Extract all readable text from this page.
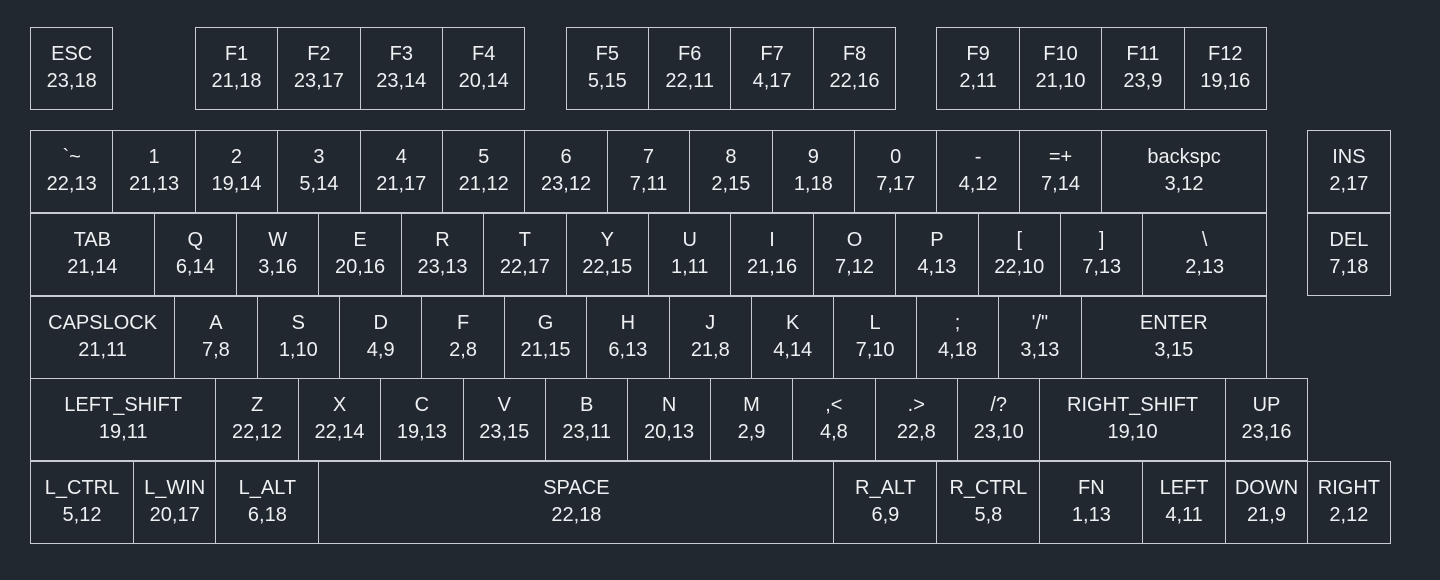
ESC
23,18
F1
21,18
F2
23,17
F3
23,14
F4
20,14
F5
5,15
F6
22,11
F7
4,17
F8
22,16
F9
2,11
F10
21,10
F11
23,9
F12
19,16
`~
22,13
1
21,13
2
19,14
3
5,14
4
21,17
5
21,12
6
23,12
7
7,11
8
2,15
9
1,18
0
7,17
-
4,12
=+
7,14
backspc
3,12
INS
2,17
TAB
21,14
Q
6,14
W
3,16
E
20,16
R
23,13
T
22,17
Y
22,15
U
1,11
I
21,16
O
7,12
P
4,13
[
22,10
]
7,13
\
2,13
DEL
7,18
CAPSLOCK
21,11
A
7,8
S
1,10
D
4,9
F
2,8
G
21,15
H
6,13
J
21,8
K
4,14
L
7,10
;
4,18
'/"
3,13
ENTER
3,15
LEFT_SHIFT
19,11
Z
22,12
X
22,14
C
19,13
V
23,15
B
23,11
N
20,13
M
2,9
,<
4,8
.>
22,8
/?
23,10
RIGHT_SHIFT
19,10
UP
23,16
L_CTRL
5,12
L_WIN
20,17
L_ALT
6,18
SPACE
22,18
R_ALT
6,9
R_CTRL
5,8
FN
1,13
LEFT
4,11
DOWN
21,9
RIGHT
2,12
